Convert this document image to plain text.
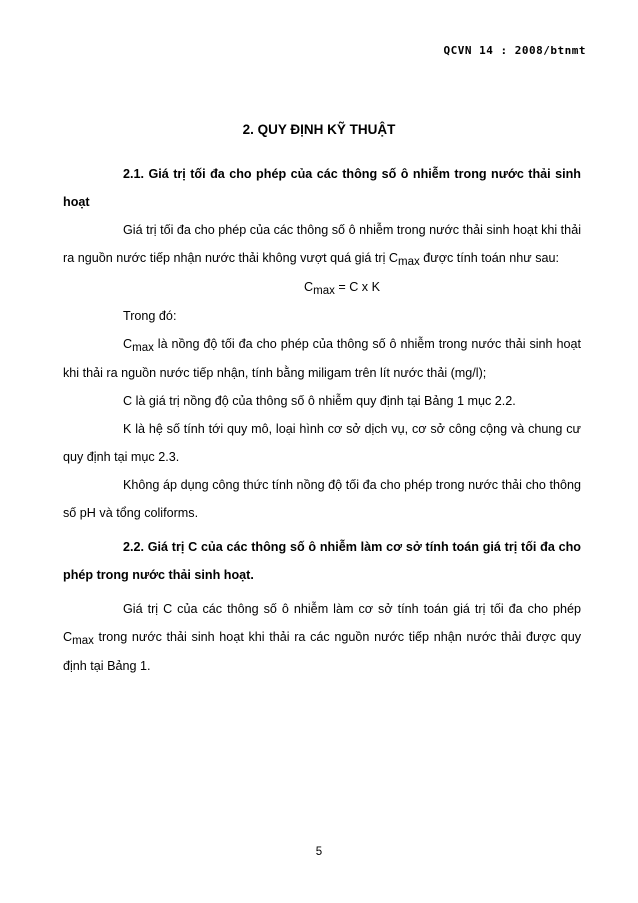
QCVN 14 : 2008/btnmt
2. QUY ĐỊNH KỸ THUẬT

2.1. Giá trị tối đa cho phép của các thông số ô nhiễm trong nước thải sinh hoạt

Giá trị tối đa cho phép của các thông số ô nhiễm trong nước thải sinh hoạt khi thải ra nguồn nước tiếp nhận nước thải không vượt quá giá trị Cmax được tính toán như sau:

Cmax = C x K

Trong đó:

Cmax là nồng độ tối đa cho phép của thông số ô nhiễm trong nước thải sinh hoạt khi thải ra nguồn nước tiếp nhận, tính bằng miligam trên lít nước thải (mg/l);

C là giá trị nồng độ của thông số ô nhiễm quy định tại Bảng 1 mục 2.2.

K là hệ số tính tới quy mô, loại hình cơ sở dịch vụ, cơ sở công cộng và chung cư quy định tại mục 2.3.

Không áp dụng công thức tính nồng độ tối đa cho phép trong nước thải cho thông số pH và tổng coliforms.

2.2. Giá trị C của các thông số ô nhiễm làm cơ sở tính toán giá trị tối đa cho phép trong nước thải sinh hoạt.

Giá trị C của các thông số ô nhiễm làm cơ sở tính toán giá trị tối đa cho phép Cmax trong nước thải sinh hoạt khi thải ra các nguồn nước tiếp nhận nước thải được quy định tại Bảng 1.

5
